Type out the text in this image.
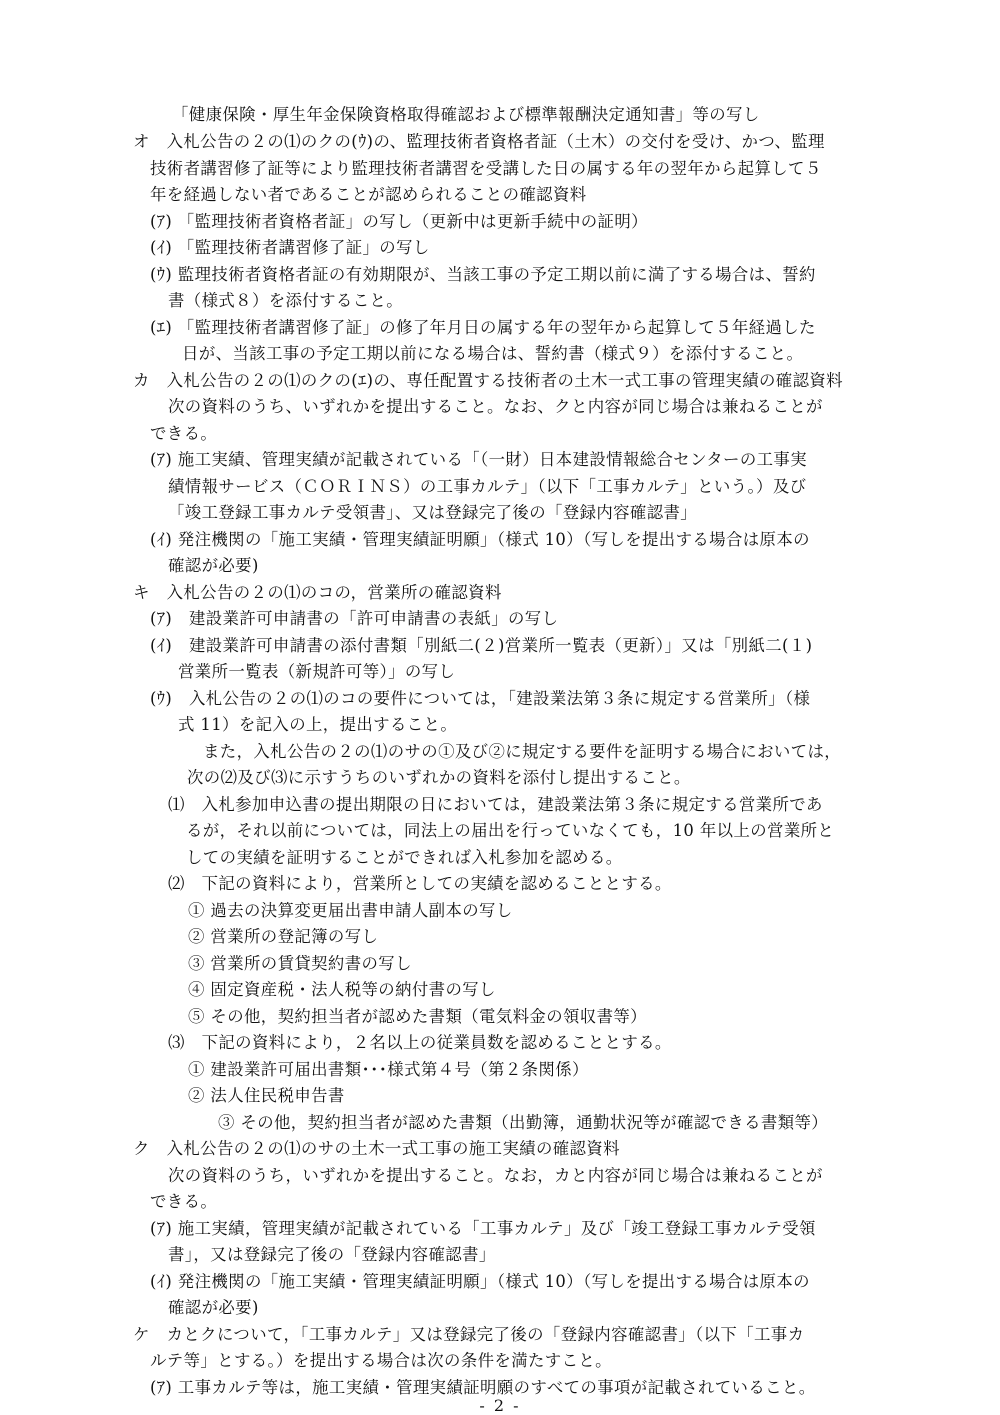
「健康保険・厚生年金保険資格取得確認および標準報酬決定通知書」等の写し
オ　入札公告の２の⑴のクの(ｳ)の、監理技術者資格者証（土木）の交付を受け、かつ、監理
技術者講習修了証等により監理技術者講習を受講した日の属する年の翌年から起算して５
年を経過しない者であることが認められることの確認資料
(ｱ) 「監理技術者資格者証」の写し（更新中は更新手続中の証明）
(ｲ) 「監理技術者講習修了証」の写し
(ｳ) 監理技術者資格者証の有効期限が、当該工事の予定工期以前に満了する場合は、誓約
書（様式８）を添付すること。
(ｴ) 「監理技術者講習修了証」の修了年月日の属する年の翌年から起算して５年経過した
日が、当該工事の予定工期以前になる場合は、誓約書（様式９）を添付すること。
カ　入札公告の２の⑴のクの(ｴ)の、専任配置する技術者の土木一式工事の管理実績の確認資料
次の資料のうち、いずれかを提出すること。なお、クと内容が同じ場合は兼ねることが
できる。
(ｱ) 施工実績、管理実績が記載されている「（一財）日本建設情報総合センターの工事実
績情報サービス（ＣＯＲＩＮＳ）の工事カルテ」（以下「工事カルテ」という。）及び
「竣工登録工事カルテ受領書」、又は登録完了後の「登録内容確認書」
(ｲ) 発注機関の「施工実績・管理実績証明願」（様式 10）（写しを提出する場合は原本の
確認が必要)
キ　入札公告の２の⑴のコの，営業所の確認資料
(ｱ)　建設業許可申請書の「許可申請書の表紙」の写し
(ｲ)　建設業許可申請書の添付書類「別紙二(２)営業所一覧表（更新）」又は「別紙二(１)
営業所一覧表（新規許可等）」の写し
(ｳ)　入札公告の２の⑴のコの要件については，「建設業法第３条に規定する営業所」（様
式 11）を記入の上，提出すること。
また，入札公告の２の⑴のサの①及び②に規定する要件を証明する場合においては，
次の⑵及び⑶に示すうちのいずれかの資料を添付し提出すること。
⑴　入札参加申込書の提出期限の日においては，建設業法第３条に規定する営業所であ
るが，それ以前については，同法上の届出を行っていなくても，10 年以上の営業所と
しての実績を証明することができれば入札参加を認める。
⑵　下記の資料により，営業所としての実績を認めることとする。
① 過去の決算変更届出書申請人副本の写し
② 営業所の登記簿の写し
③ 営業所の賃貸契約書の写し
④ 固定資産税・法人税等の納付書の写し
⑤ その他，契約担当者が認めた書類（電気料金の領収書等）
⑶　下記の資料により，２名以上の従業員数を認めることとする。
① 建設業許可届出書類･･･様式第４号（第２条関係）
② 法人住民税申告書
③ その他，契約担当者が認めた書類（出勤簿，通勤状況等が確認できる書類等）
ク　入札公告の２の⑴のサの土木一式工事の施工実績の確認資料
次の資料のうち，いずれかを提出すること。なお，カと内容が同じ場合は兼ねることが
できる。
(ｱ) 施工実績，管理実績が記載されている「工事カルテ」及び「竣工登録工事カルテ受領
書」，又は登録完了後の「登録内容確認書」
(ｲ) 発注機関の「施工実績・管理実績証明願」（様式 10）（写しを提出する場合は原本の
確認が必要)
ケ　カとクについて，「工事カルテ」又は登録完了後の「登録内容確認書」（以下「工事カ
ルテ等」とする。）を提出する場合は次の条件を満たすこと。
(ｱ) 工事カルテ等は，施工実績・管理実績証明願のすべての事項が記載されていること。
- 2 -
